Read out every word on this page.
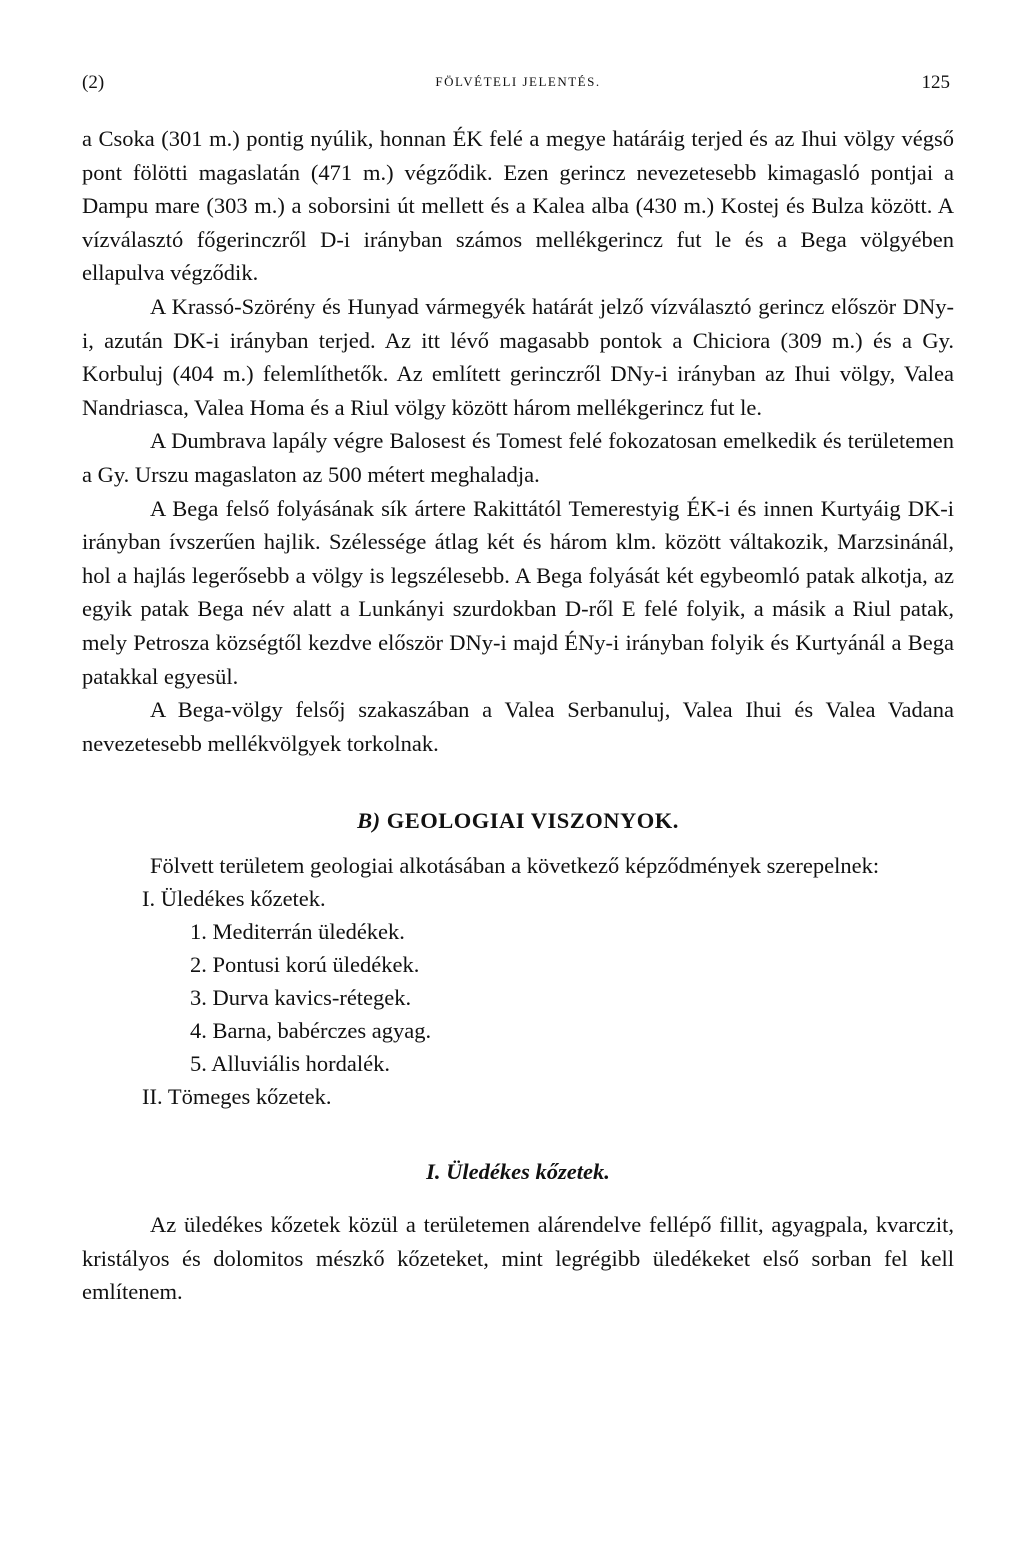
(2)	FÖLVÉTELI JELENTÉS.	125

a Csoka (301 m.) pontig nyúlik, honnan ÉK felé a megye határáig terjed és az Ihui völgy végső pont fölötti magaslatán (471 m.) végződik. Ezen gerincz nevezetesebb kimagasló pontjai a Dampu mare (303 m.) a soborsini út mellett és a Kalea alba (430 m.) Kostej és Bulza között. A vízválasztó főgerinczről D-i irányban számos mellékgerincz fut le és a Bega völgyében ellapulva végződik.

A Krassó-Szörény és Hunyad vármegyék határát jelző vízválasztó gerincz először DNy-i, azután DK-i irányban terjed. Az itt lévő magasabb pontok a Chiciora (309 m.) és a Gy. Korbuluj (404 m.) felemlíthetők. Az említett gerinczről DNy-i irányban az Ihui völgy, Valea Nandriasca, Valea Homa és a Riul völgy között három mellékgerincz fut le.

A Dumbrava lapály végre Balosest és Tomest felé fokozatosan emelkedik és területemen a Gy. Urszu magaslaton az 500 métert meghaladja.

A Bega felső folyásának sík ártere Rakittától Temerestyig ÉK-i és innen Kurtyáig DK-i irányban ívszerűen hajlik. Szélessége átlag két és három klm. között váltakozik, Marzsinánál, hol a hajlás legerősebb a völgy is legszélesebb. A Bega folyását két egybeomló patak alkotja, az egyik patak Bega név alatt a Lunkányi szurdokban D-ről E felé folyik, a másik a Riul patak, mely Petrosza községtől kezdve először DNy-i majd ÉNy-i irányban folyik és Kurtyánál a Bega patakkal egyesül.

A Bega-völgy felsőj szakaszában a Valea Serbanuluj, Valea Ihui és Valea Vadana nevezetesebb mellékvölgyek torkolnak.

B) GEOLOGIAI VISZONYOK.

Fölvett területem geologiai alkotásában a következő képződmények szerepelnek:

I. Üledékes kőzetek.
1. Mediterrán üledékek.
2. Pontusi korú üledékek.
3. Durva kavics-rétegek.
4. Barna, babérczes agyag.
5. Alluviális hordalék.
II. Tömeges kőzetek.
I. Üledékes kőzetek.

Az üledékes kőzetek közül a területemen alárendelve fellépő fillit, agyagpala, kvarczit, kristályos és dolomitos mészkő kőzeteket, mint legrégibb üledékeket első sorban fel kell említenem.
